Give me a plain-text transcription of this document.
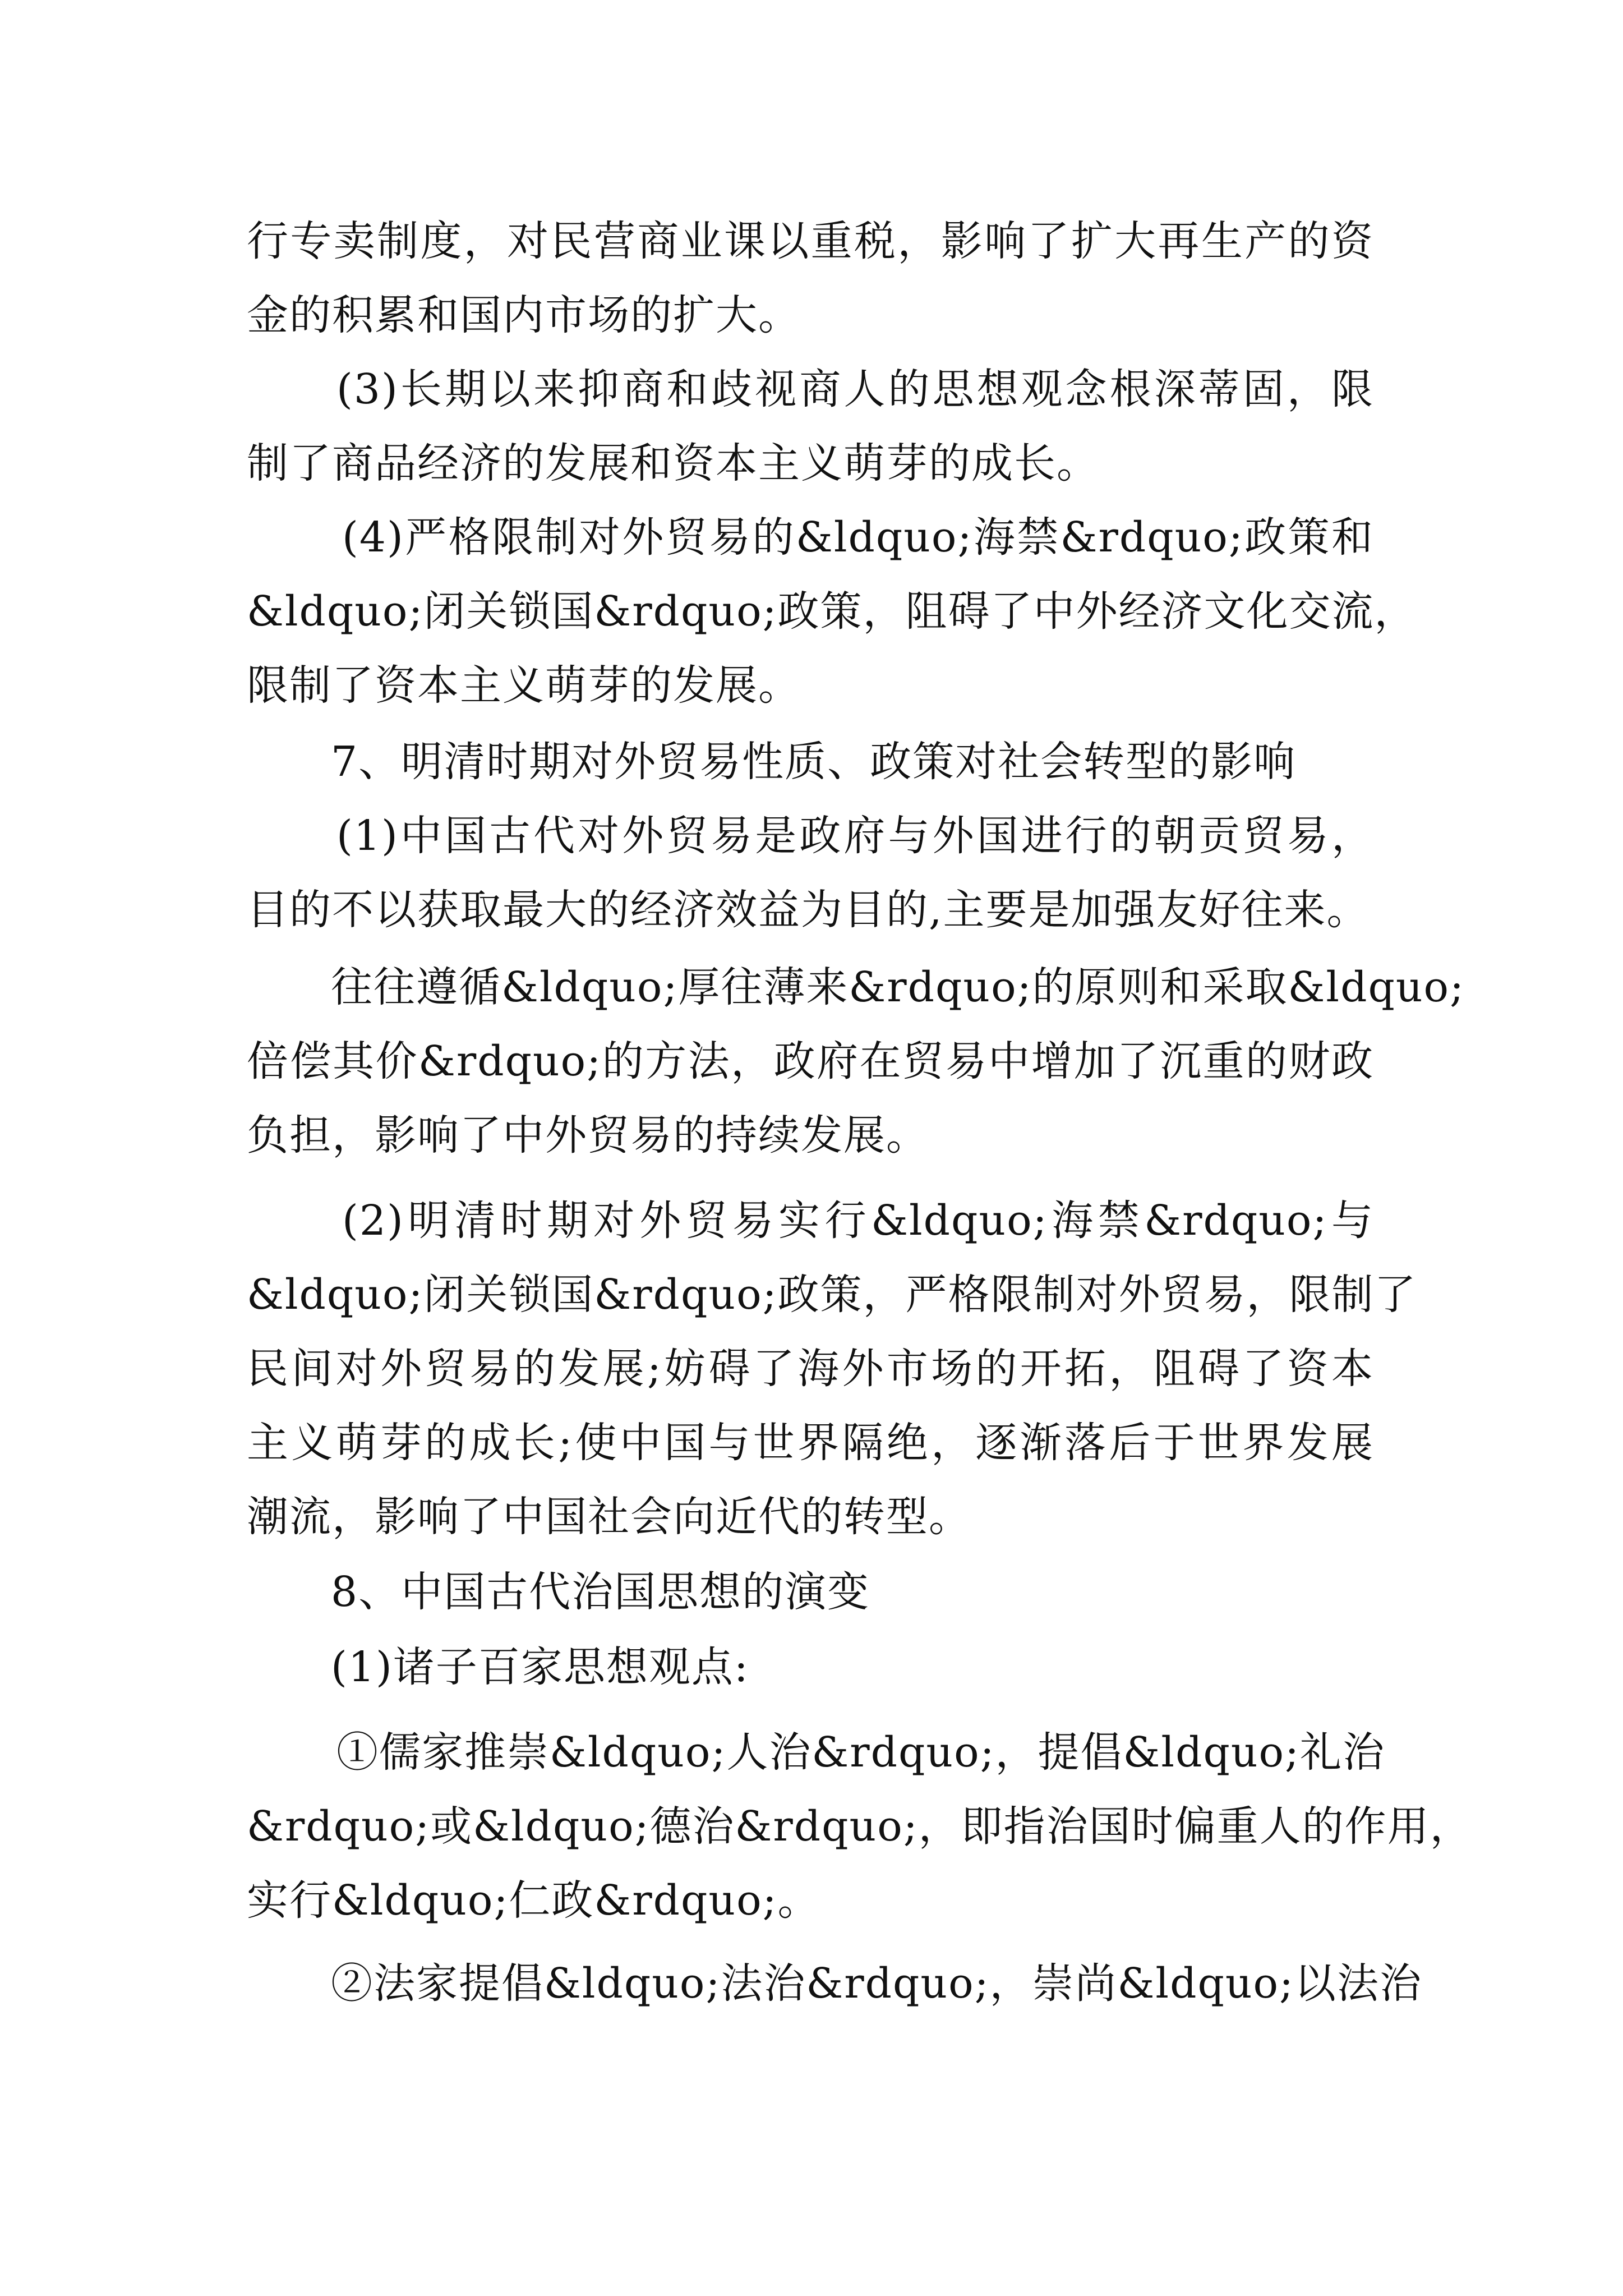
行专卖制度，对民营商业课以重税，影响了扩大再生产的资
金的积累和国内市场的扩大。
(3)长期以来抑商和歧视商人的思想观念根深蒂固，限
制了商品经济的发展和资本主义萌芽的成长。
(4)严格限制对外贸易的&ldquo;海禁&rdquo;政策和
&ldquo;闭关锁国&rdquo;政策，阻碍了中外经济文化交流，
限制了资本主义萌芽的发展。
7、明清时期对外贸易性质、政策对社会转型的影响
(1)中国古代对外贸易是政府与外国进行的朝贡贸易，
目的不以获取最大的经济效益为目的,主要是加强友好往来。
往往遵循&ldquo;厚往薄来&rdquo;的原则和采取&ldquo;
倍偿其价&rdquo;的方法，政府在贸易中增加了沉重的财政
负担，影响了中外贸易的持续发展。
(2)明清时期对外贸易实行&ldquo;海禁&rdquo;与
&ldquo;闭关锁国&rdquo;政策，严格限制对外贸易，限制了
民间对外贸易的发展;妨碍了海外市场的开拓，阻碍了资本
主义萌芽的成长;使中国与世界隔绝，逐渐落后于世界发展
潮流，影响了中国社会向近代的转型。
8、中国古代治国思想的演变
(1)诸子百家思想观点:
①儒家推崇&ldquo;人治&rdquo;，提倡&ldquo;礼治
&rdquo;或&ldquo;德治&rdquo;，即指治国时偏重人的作用，
实行&ldquo;仁政&rdquo;。
②法家提倡&ldquo;法治&rdquo;，崇尚&ldquo;以法治
